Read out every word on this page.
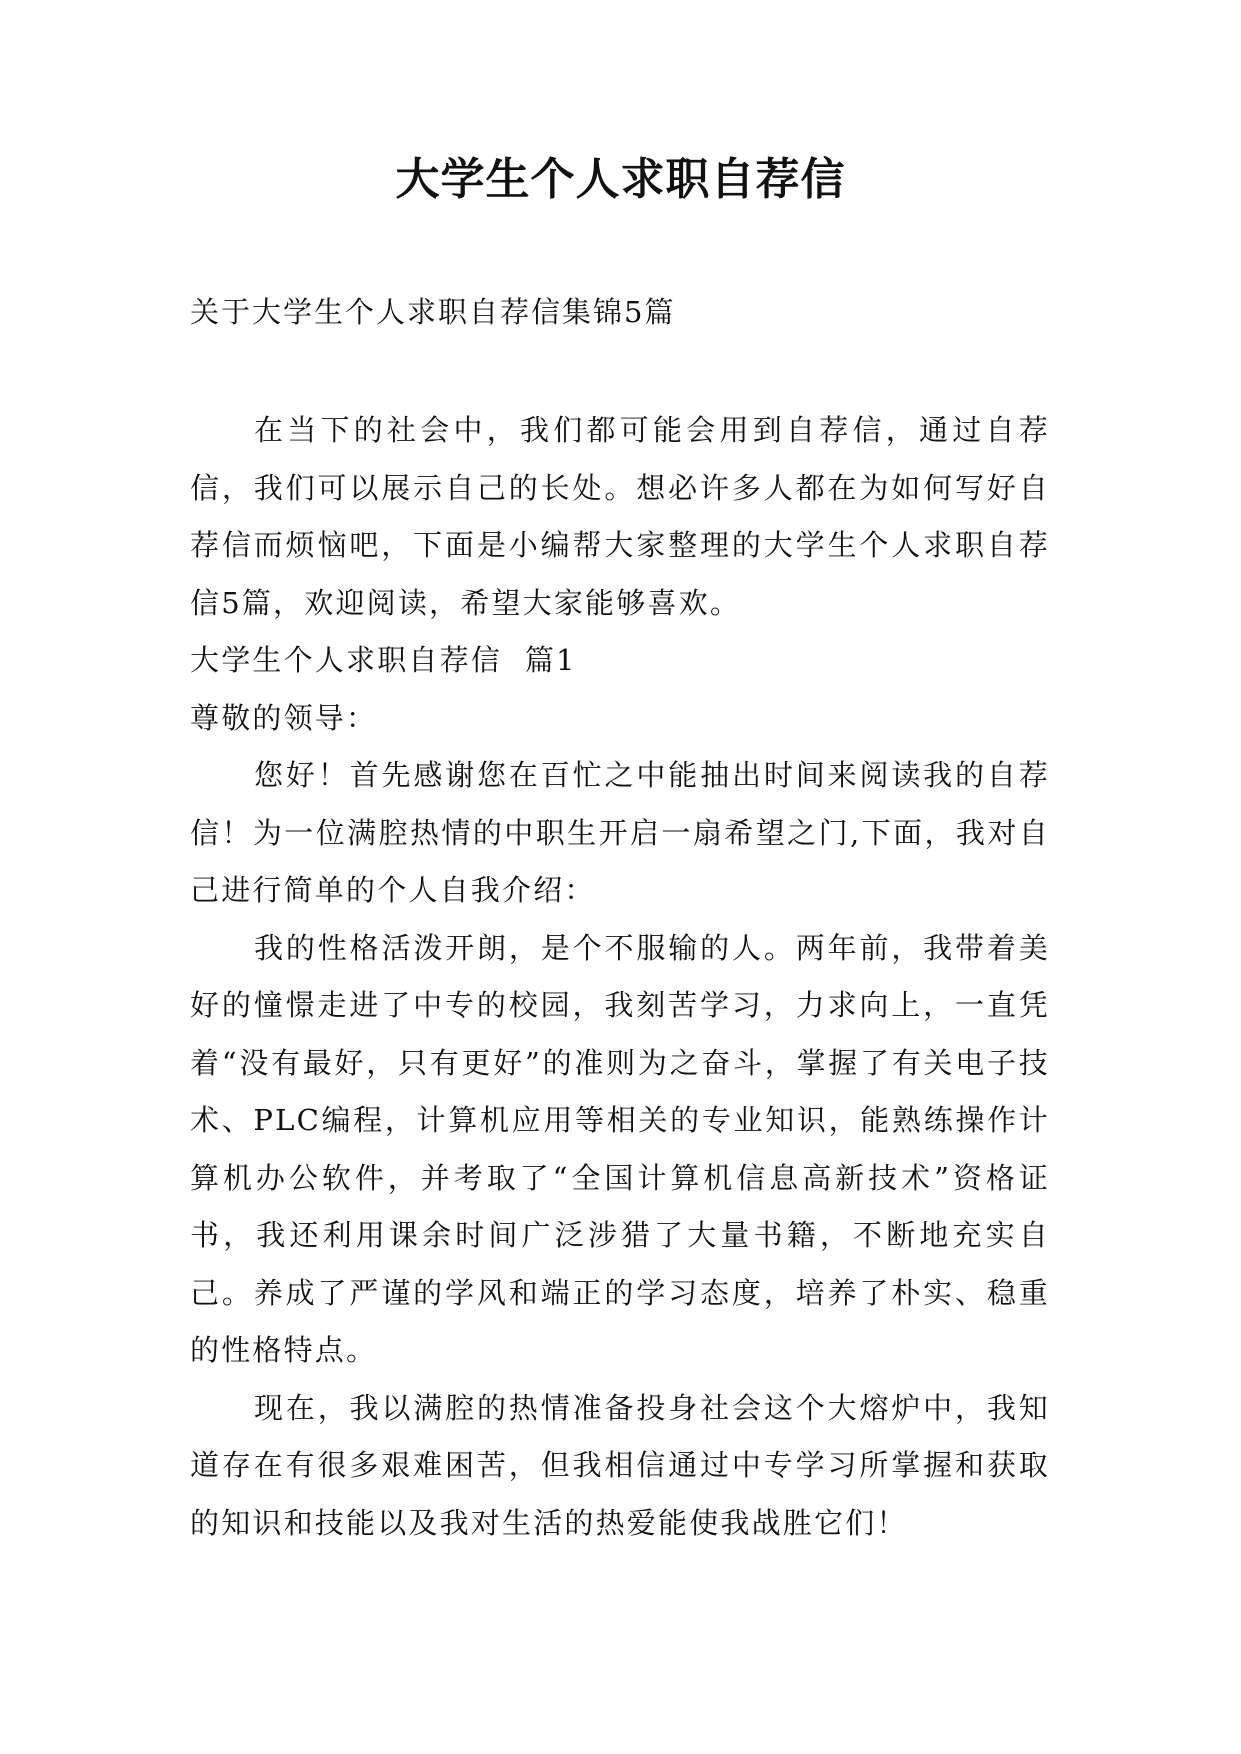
大学生个人求职自荐信

关于大学生个人求职自荐信集锦5篇

在当下的社会中，我们都可能会用到自荐信，通过自荐信，我们可以展示自己的长处。想必许多人都在为如何写好自荐信而烦恼吧，下面是小编帮大家整理的大学生个人求职自荐信5篇，欢迎阅读，希望大家能够喜欢。

大学生个人求职自荐信  篇1

尊敬的领导：

您好！首先感谢您在百忙之中能抽出时间来阅读我的自荐信！为一位满腔热情的中职生开启一扇希望之门,下面，我对自己进行简单的个人自我介绍：

我的性格活泼开朗，是个不服输的人。两年前，我带着美好的憧憬走进了中专的校园，我刻苦学习，力求向上，一直凭着“没有最好，只有更好”的准则为之奋斗，掌握了有关电子技术、PLC编程，计算机应用等相关的专业知识，能熟练操作计算机办公软件，并考取了“全国计算机信息高新技术”资格证书，我还利用课余时间广泛涉猎了大量书籍，不断地充实自己。养成了严谨的学风和端正的学习态度，培养了朴实、稳重的性格特点。

现在，我以满腔的热情准备投身社会这个大熔炉中，我知道存在有很多艰难困苦，但我相信通过中专学习所掌握和获取的知识和技能以及我对生活的热爱能使我战胜它们！
